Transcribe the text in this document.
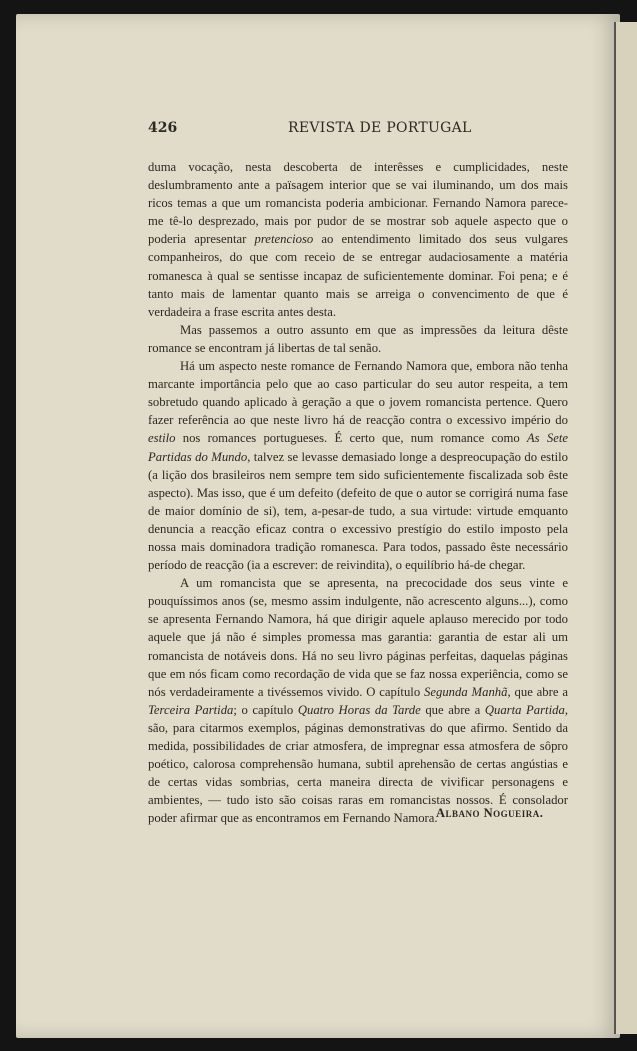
426	REVISTA DE PORTUGAL

duma vocação, nesta descoberta de interêsses e cumplicidades, neste deslumbramento ante a païsagem interior que se vai iluminando, um dos mais ricos temas a que um romancista poderia ambicionar. Fernando Namora parece-me tê-lo desprezado, mais por pudor de se mostrar sob aquele aspecto que o poderia apresentar pretencioso ao entendimento limitado dos seus vulgares companheiros, do que com receio de se entregar audaciosamente a matéria romanesca à qual se sentisse incapaz de suficientemente dominar. Foi pena; e é tanto mais de lamentar quanto mais se arreiga o convencimento de que é verdadeira a frase escrita antes desta.

Mas passemos a outro assunto em que as impressões da leitura dêste romance se encontram já libertas de tal senão.

Há um aspecto neste romance de Fernando Namora que, embora não tenha marcante importância pelo que ao caso particular do seu autor respeita, a tem sobretudo quando aplicado à geração a que o jovem romancista pertence. Quero fazer referência ao que neste livro há de reacção contra o excessivo império do estilo nos romances portugueses. É certo que, num romance como As Sete Partidas do Mundo, talvez se levasse demasiado longe a despreocupação do estilo (a lição dos brasileiros nem sempre tem sido suficientemente fiscalizada sob êste aspecto). Mas isso, que é um defeito (defeito de que o autor se corrigirá numa fase de maior domínio de si), tem, a-pesar-de tudo, a sua virtude: virtude emquanto denuncia a reacção eficaz contra o excessivo prestígio do estilo imposto pela nossa mais dominadora tradição romanesca. Para todos, passado êste necessário período de reacção (ia a escrever: de reivindita), o equilíbrio há-de chegar.

A um romancista que se apresenta, na precocidade dos seus vinte e pouquíssimos anos (se, mesmo assim indulgente, não acrescento alguns...), como se apresenta Fernando Namora, há que dirigir aquele aplauso merecido por todo aquele que já não é simples promessa mas garantia: garantia de estar ali um romancista de notáveis dons. Há no seu livro páginas perfeitas, daquelas páginas que em nós ficam como recordação de vida que se faz nossa experiência, como se nós verdadeiramente a tivéssemos vivido. O capítulo Segunda Manhã, que abre a Terceira Partida; o capítulo Quatro Horas da Tarde que abre a Quarta Partida, são, para citarmos exemplos, páginas demonstrativas do que afirmo. Sentido da medida, possibilidades de criar atmosfera, de impregnar essa atmosfera de sôpro poético, calorosa comprehensão humana, subtil aprehensão de certas angústias e de certas vidas sombrias, certa maneira directa de vivificar personagens e ambientes, — tudo isto são coisas raras em romancistas nossos. É consolador poder afirmar que as encontramos em Fernando Namora.

Albano Nogueira.
